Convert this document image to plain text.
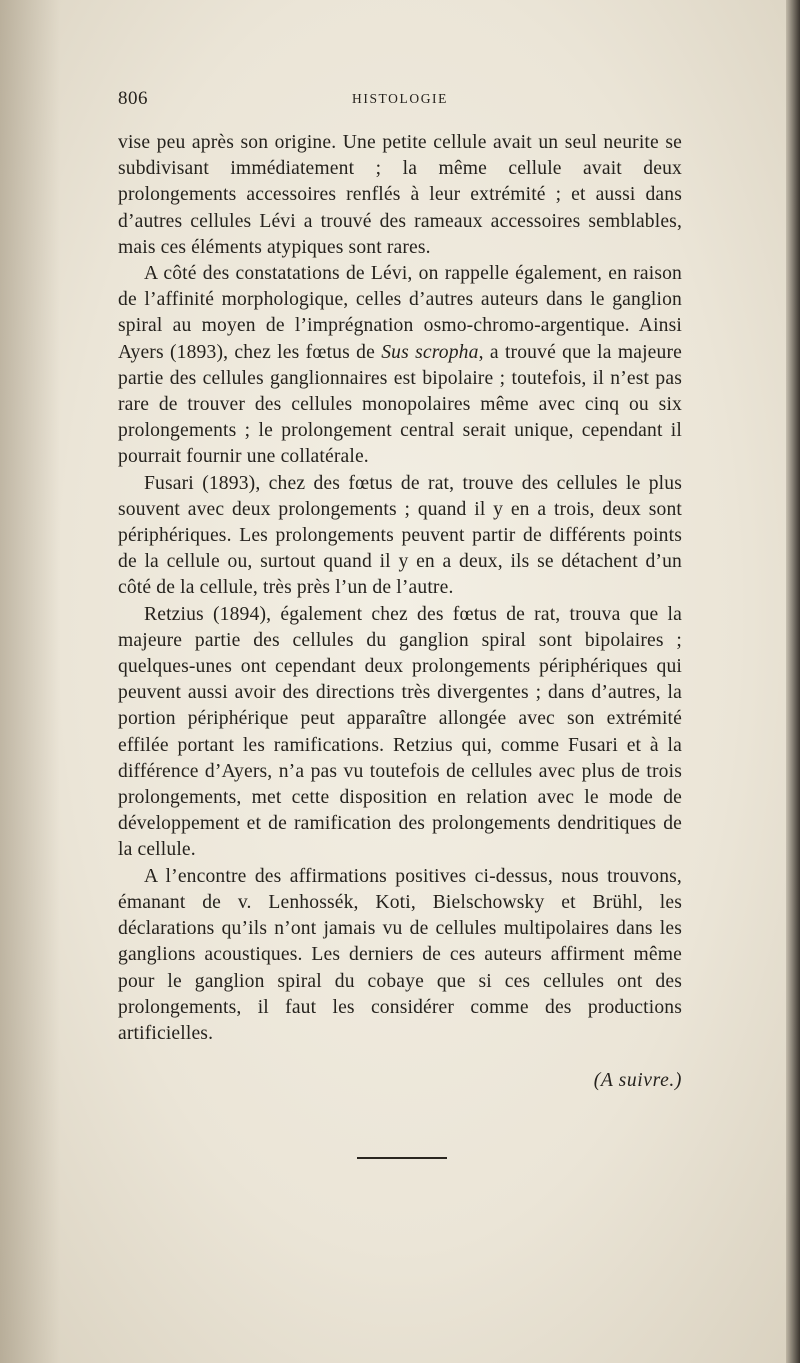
806	HISTOLOGIE

vise peu après son origine. Une petite cellule avait un seul neurite se subdivisant immédiatement ; la même cellule avait deux prolongements accessoires renflés à leur extrémité ; et aussi dans d’autres cellules Lévi a trouvé des rameaux accessoires semblables, mais ces éléments atypiques sont rares.

A côté des constatations de Lévi, on rappelle également, en raison de l’affinité morphologique, celles d’autres auteurs dans le ganglion spiral au moyen de l’imprégnation osmo-chromo-argentique. Ainsi Ayers (1893), chez les fœtus de Sus scropha, a trouvé que la majeure partie des cellules ganglionnaires est bipolaire ; toutefois, il n’est pas rare de trouver des cellules monopolaires même avec cinq ou six prolongements ; le prolongement central serait unique, cependant il pourrait fournir une collatérale.

Fusari (1893), chez des fœtus de rat, trouve des cellules le plus souvent avec deux prolongements ; quand il y en a trois, deux sont périphériques. Les prolongements peuvent partir de différents points de la cellule ou, surtout quand il y en a deux, ils se détachent d’un côté de la cellule, très près l’un de l’autre.

Retzius (1894), également chez des fœtus de rat, trouva que la majeure partie des cellules du ganglion spiral sont bipolaires ; quelques-unes ont cependant deux prolongements périphériques qui peuvent aussi avoir des directions très divergentes ; dans d’autres, la portion périphérique peut apparaître allongée avec son extrémité effilée portant les ramifications. Retzius qui, comme Fusari et à la différence d’Ayers, n’a pas vu toutefois de cellules avec plus de trois prolongements, met cette disposition en relation avec le mode de développement et de ramification des prolongements dendritiques de la cellule.

A l’encontre des affirmations positives ci-dessus, nous trouvons, émanant de v. Lenhossék, Koti, Bielschowsky et Brühl, les déclarations qu’ils n’ont jamais vu de cellules multipolaires dans les ganglions acoustiques. Les derniers de ces auteurs affirment même pour le ganglion spiral du cobaye que si ces cellules ont des prolongements, il faut les considérer comme des productions artificielles.

(A suivre.)
